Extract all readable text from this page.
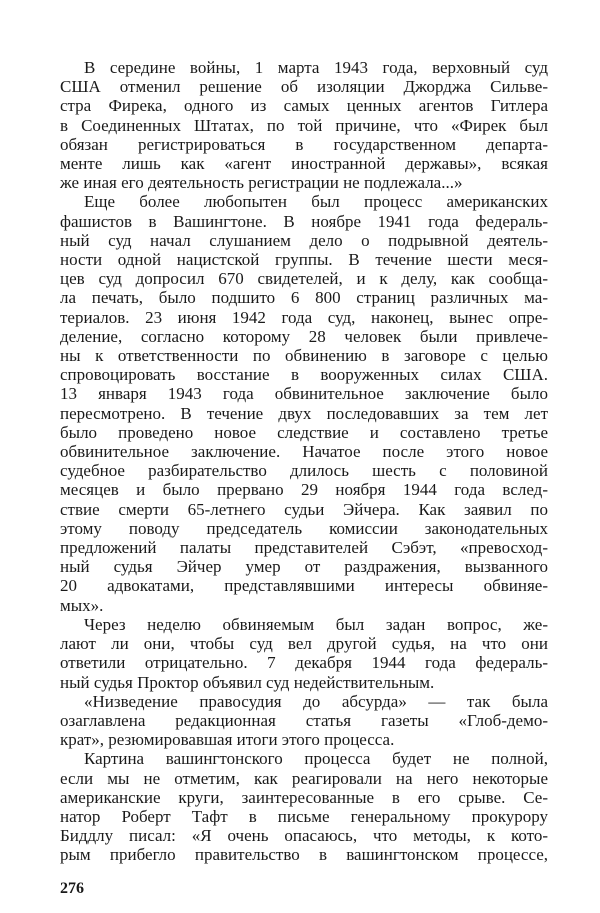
В середине войны, 1 марта 1943 года, верховный суд
США отменил решение об изоляции Джорджа Сильве-
стра Фирека, одного из самых ценных агентов Гитлера
в Соединенных Штатах, по той причине, что «Фирек был
обязан регистрироваться в государственном департа-
менте лишь как «агент иностранной державы», всякая
же иная его деятельность регистрации не подлежала...»
Еще более любопытен был процесс американских
фашистов в Вашингтоне. В ноябре 1941 года федераль-
ный суд начал слушанием дело о подрывной деятель-
ности одной нацистской группы. В течение шести меся-
цев суд допросил 670 свидетелей, и к делу, как сообща-
ла печать, было подшито 6 800 страниц различных ма-
териалов. 23 июня 1942 года суд, наконец, вынес опре-
деление, согласно которому 28 человек были привлече-
ны к ответственности по обвинению в заговоре с целью
спровоцировать восстание в вооруженных силах США.
13 января 1943 года обвинительное заключение было
пересмотрено. В течение двух последовавших за тем лет
было проведено новое следствие и составлено третье
обвинительное заключение. Начатое после этого новое
судебное разбирательство длилось шесть с половиной
месяцев и было прервано 29 ноября 1944 года вслед-
ствие смерти 65-летнего судьи Эйчера. Как заявил по
этому поводу председатель комиссии законодательных
предложений палаты представителей Сэбэт, «превосход-
ный судья Эйчер умер от раздражения, вызванного
20 адвокатами, представлявшими интересы обвиняе-
мых».
Через неделю обвиняемым был задан вопрос, же-
лают ли они, чтобы суд вел другой судья, на что они
ответили отрицательно. 7 декабря 1944 года федераль-
ный судья Проктор объявил суд недействительным.
«Низведение правосудия до абсурда» — так была
озаглавлена редакционная статья газеты «Глоб-демо-
крат», резюмировавшая итоги этого процесса.
Картина вашингтонского процесса будет не полной,
если мы не отметим, как реагировали на него некоторые
американские круги, заинтересованные в его срыве. Се-
натор Роберт Тафт в письме генеральному прокурору
Биддлу писал: «Я очень опасаюсь, что методы, к кото-
рым прибегло правительство в вашингтонском процессе,
276
